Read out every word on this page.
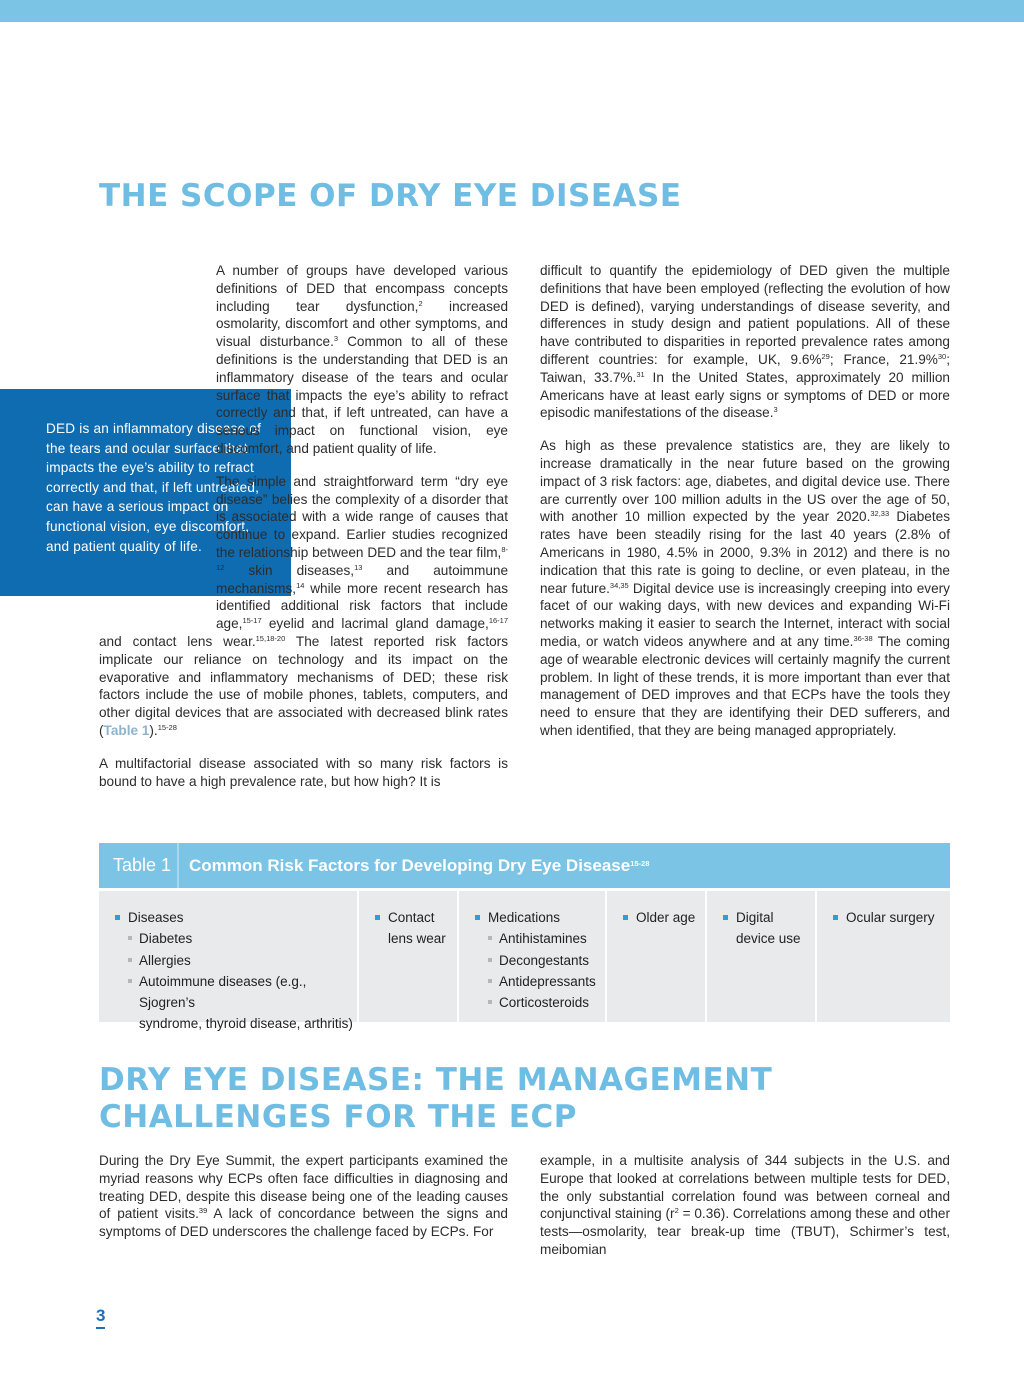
THE SCOPE OF DRY EYE DISEASE
DED is an inflammatory disease of the tears and ocular surface that impacts the eye’s ability to refract correctly and that, if left untreated, can have a serious impact on functional vision, eye discomfort, and patient quality of life.

A number of groups have developed various definitions of DED that encompass concepts including tear dysfunction,$^2$ increased osmolarity, discomfort and other symptoms, and visual disturbance.$^3$ Common to all of these definitions is the understanding that DED is an inflammatory disease of the tears and ocular surface that impacts the eye’s ability to refract correctly and that, if left untreated, can have a serious impact on functional vision, eye discomfort, and patient quality of life.

The simple and straightforward term “dry eye disease” belies the complexity of a disorder that is associated with a wide range of causes that continue to expand. Earlier studies recognized the relationship between DED and the tear film,$^{8-12}$ skin diseases,$^{13}$ and autoimmune mechanisms,$^{14}$ while more recent research has identified additional risk factors that include age,$^{15-17}$ eyelid and lacrimal gland damage,$^{16-17}$ and contact lens wear.$^{15,18-20}$ The latest reported risk factors implicate our reliance on technology and its impact on the evaporative and inflammatory mechanisms of DED; these risk factors include the use of mobile phones, tablets, computers, and other digital devices that are associated with decreased blink rates (Table 1).$^{15-28}$

A multifactorial disease associated with so many risk factors is bound to have a high prevalence rate, but how high? It is

difficult to quantify the epidemiology of DED given the multiple definitions that have been employed (reflecting the evolution of how DED is defined), varying understandings of disease severity, and differences in study design and patient populations. All of these have contributed to disparities in reported prevalence rates among different countries: for example, UK, 9.6%$^{29}$; France, 21.9%$^{30}$; Taiwan, 33.7%.$^{31}$ In the United States, approximately 20 million Americans have at least early signs or symptoms of DED or more episodic manifestations of the disease.$^3$

As high as these prevalence statistics are, they are likely to increase dramatically in the near future based on the growing impact of 3 risk factors: age, diabetes, and digital device use. There are currently over 100 million adults in the US over the age of 50, with another 10 million expected by the year 2020.$^{32,33}$ Diabetes rates have been steadily rising for the last 40 years (2.8% of Americans in 1980, 4.5% in 2000, 9.3% in 2012) and there is no indication that this rate is going to decline, or even plateau, in the near future.$^{34,35}$ Digital device use is increasingly creeping into every facet of our waking days, with new devices and expanding Wi-Fi networks making it easier to search the Internet, interact with social media, or watch videos anywhere and at any time.$^{36-38}$ The coming age of wearable electronic devices will certainly magnify the current problem. In light of these trends, it is more important than ever that management of DED improves and that ECPs have the tools they need to ensure that they are identifying their DED sufferers, and when identified, that they are being managed appropriately.

Table 1	Common Risk Factors for Developing Dry Eye Disease$^{15-28}$
Diseases
Diabetes
Allergies
Autoimmune diseases (e.g., Sjogren’s
syndrome, thyroid disease, arthritis)
Contact
lens wear
Medications
Antihistamines
Decongestants
Antidepressants
Corticosteroids
Older age	Digital
device use
Ocular surgery
DRY EYE DISEASE: THE MANAGEMENT
CHALLENGES FOR THE ECP

During the Dry Eye Summit, the expert participants examined the myriad reasons why ECPs often face difficulties in diagnosing and treating DED, despite this disease being one of the leading causes of patient visits.$^{39}$ A lack of concordance between the signs and symptoms of DED underscores the challenge faced by ECPs. For

example, in a multisite analysis of 344 subjects in the U.S. and Europe that looked at correlations between multiple tests for DED, the only substantial correlation found was between corneal and conjunctival staining $(r^2 = 0.36)$. Correlations among these and other tests—osmolarity, tear break-up time (TBUT), Schirmer’s test, meibomian

3
